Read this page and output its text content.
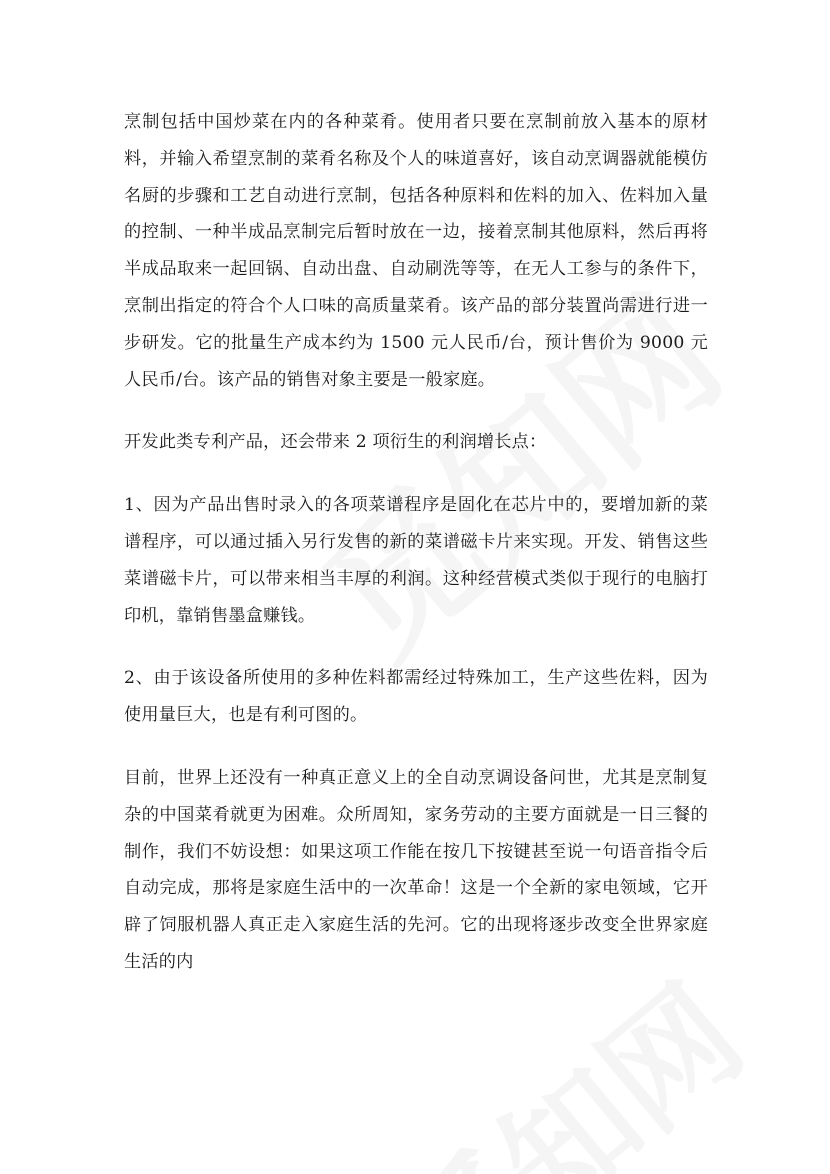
烹制包括中国炒菜在内的各种菜肴。使用者只要在烹制前放入基本的原材料，并输入希望烹制的菜肴名称及个人的味道喜好，该自动烹调器就能模仿名厨的步骤和工艺自动进行烹制，包括各种原料和佐料的加入、佐料加入量的控制、一种半成品烹制完后暂时放在一边，接着烹制其他原料，然后再将半成品取来一起回锅、自动出盘、自动刷洗等等，在无人工参与的条件下，烹制出指定的符合个人口味的高质量菜肴。该产品的部分装置尚需进行进一步研发。它的批量生产成本约为 1500 元人民币/台，预计售价为 9000 元人民币/台。该产品的销售对象主要是一般家庭。

开发此类专利产品，还会带来 2 项衍生的利润增长点：

1、因为产品出售时录入的各项菜谱程序是固化在芯片中的，要增加新的菜谱程序，可以通过插入另行发售的新的菜谱磁卡片来实现。开发、销售这些菜谱磁卡片，可以带来相当丰厚的利润。这种经营模式类似于现行的电脑打印机，靠销售墨盒赚钱。

2、由于该设备所使用的多种佐料都需经过特殊加工，生产这些佐料，因为使用量巨大，也是有利可图的。

目前，世界上还没有一种真正意义上的全自动烹调设备问世，尤其是烹制复杂的中国菜肴就更为困难。众所周知，家务劳动的主要方面就是一日三餐的制作，我们不妨设想：如果这项工作能在按几下按键甚至说一句语音指令后自动完成，那将是家庭生活中的一次革命！这是一个全新的家电领域，它开辟了饲服机器人真正走入家庭生活的先河。它的出现将逐步改变全世界家庭生活的内
